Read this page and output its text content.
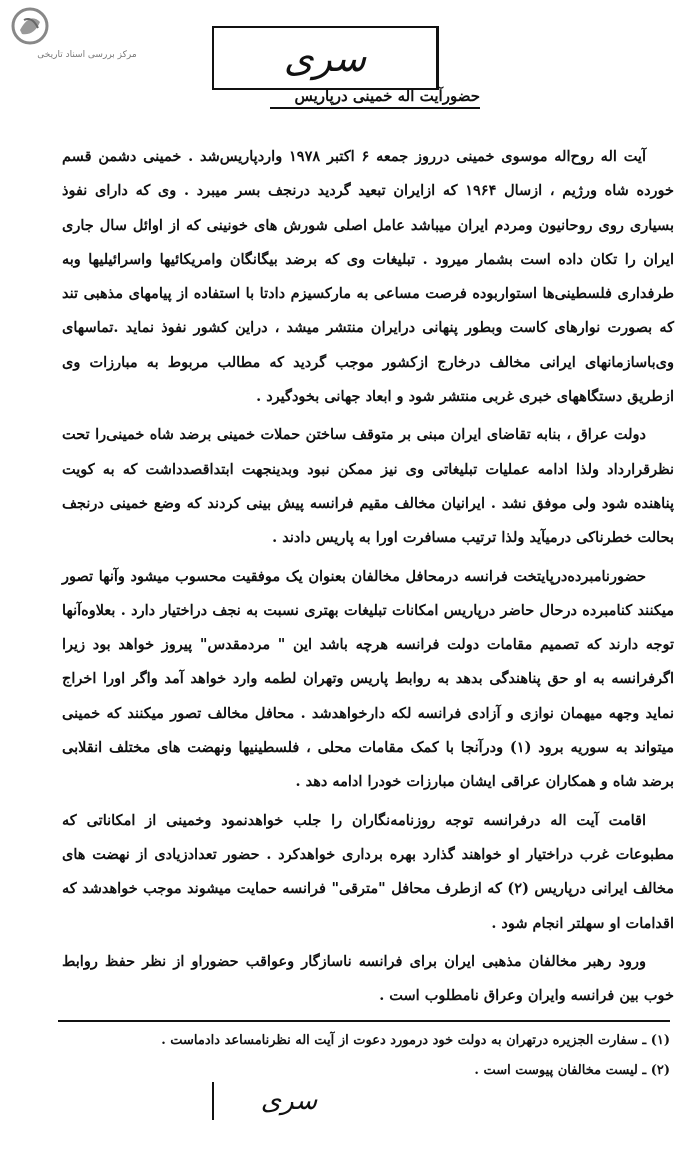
مرکز بررسی اسناد تاریخی	سری
حضورآیت اله خمینی درپاریس

آیت اله روح‌اله موسوی خمینی درروز جمعه ۶ اکتبر ۱۹۷۸ واردپاریس‌شد . خمینی دشمن قسم خورده شاه ورژیم ، ازسال ۱۹۶۴ که ازایران تبعید گردید درنجف بسر میبرد . وی که دارای نفوذ بسیاری روی روحانیون ومردم ایران میباشد عامل اصلی شورش های خونینی که از اوائل سال جاری ایران را تکان داده است بشمار میرود . تبلیغات وی که برضد بیگانگان وامریکائیها واسرائیلیها وبه طرفداری فلسطینی‌ها استواربوده فرصت مساعی به مارکسیزم دادتا با استفاده از پیامهای مذهبی تند که بصورت نوارهای کاست وبطور پنهانی درایران منتشر میشد ، دراین کشور نفوذ نماید .تماسهای وی‌باسازمانهای ایرانی مخالف درخارج ازکشور موجب گردید که مطالب مربوط به مبارزات وی ازطریق دستگاههای خبری غربی منتشر شود و ابعاد جهانی بخودگیرد .

دولت عراق ، بنابه تقاضای ایران مبنی بر متوقف ساختن حملات خمینی برضد شاه خمینی‌را تحت نظرقرارداد ولذا ادامه عملیات تبلیغاتی وی نیز ممکن نبود وبدینجهت ابتداقصدداشت که به کویت پناهنده شود ولی موفق نشد . ایرانیان مخالف مقیم فرانسه پیش بینی کردند که وضع خمینی درنجف بحالت خطرناکی درمیآید ولذا ترتیب مسافرت اورا به پاریس دادند .

حضورنامبرده‌درپایتخت فرانسه درمحافل مخالفان بعنوان یک موفقیت محسوب میشود وآنها تصور میکنند کنامبرده درحال حاضر درپاریس امکانات تبلیغات بهتری نسبت به نجف دراختیار دارد . بعلاوه‌آنها توجه دارند که تصمیم مقامات دولت فرانسه هرچه باشد این " مردمقدس" پیروز خواهد بود زیرا اگرفرانسه به او حق پناهندگی بدهد به روابط پاریس وتهران لطمه وارد خواهد آمد واگر اورا اخراج نماید وجهه میهمان نوازی و آزادی فرانسه لکه دارخواهدشد . محافل مخالف تصور میکنند که خمینی میتواند به سوریه برود (۱) ودرآنجا با کمک مقامات محلی ، فلسطینیها ونهضت های مختلف انقلابی برضد شاه و همکاران عراقی ایشان مبارزات خودرا ادامه دهد .

اقامت آیت اله درفرانسه توجه روزنامه‌نگاران را جلب خواهدنمود وخمینی از امکاناتی که مطبوعات غرب دراختیار او خواهند گذارد بهره برداری خواهدکرد . حضور تعدادزیادی از نهضت های مخالف ایرانی درپاریس (۲) که ازطرف محافل "مترقی" فرانسه حمایت میشوند موجب خواهدشد که اقدامات او سهلتر انجام شود .

ورود رهبر مخالفان مذهبی ایران برای فرانسه ناسازگار وعواقب حضوراو از نظر حفظ روابط خوب بین فرانسه وایران وعراق نامطلوب است .

(۱) ـ سفارت الجزیره درتهران به دولت خود درمورد دعوت از آیت اله نظرنامساعد دادماست .
(۲) ـ لیست مخالفان پیوست است .
سری
